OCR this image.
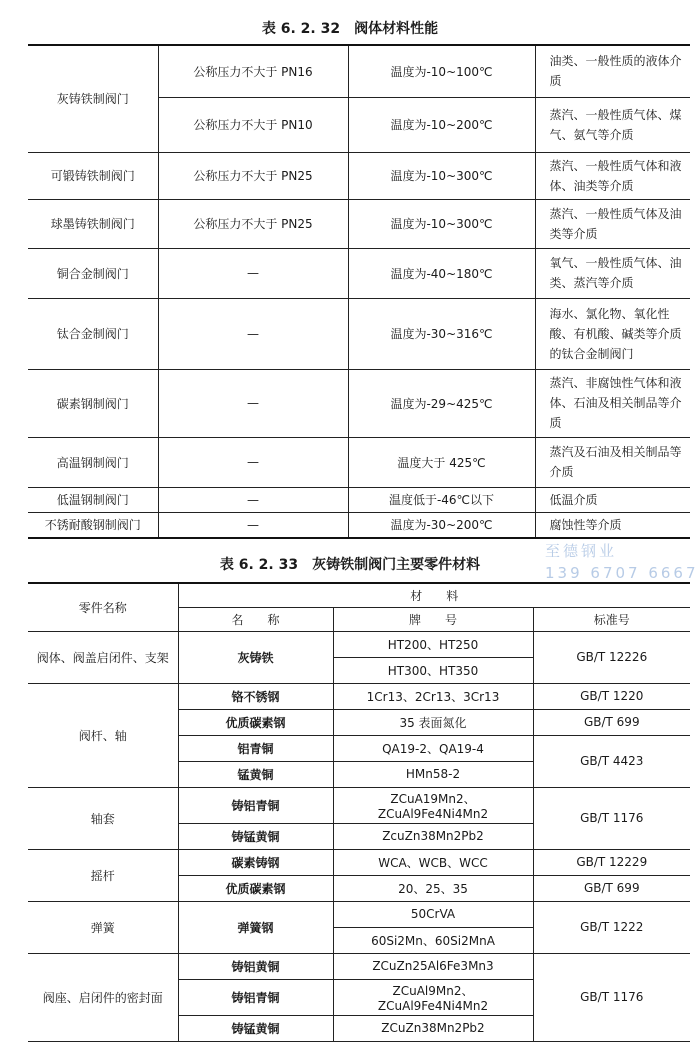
表 6. 2. 32　阀体材料性能
灰铸铁制阀门	公称压力不大于 PN16	温度为-10~100℃	油类、一般性质的液体介质
	公称压力不大于 PN10	温度为-10~200℃	蒸汽、一般性质气体、煤气、氨气等介质
可锻铸铁制阀门	公称压力不大于 PN25	温度为-10~300℃	蒸汽、一般性质气体和液体、油类等介质
球墨铸铁制阀门	公称压力不大于 PN25	温度为-10~300℃	蒸汽、一般性质气体及油类等介质
铜合金制阀门	—	温度为-40~180℃	氧气、一般性质气体、油类、蒸汽等介质
钛合金制阀门	—	温度为-30~316℃	海水、氯化物、氧化性酸、有机酸、碱类等介质的钛合金制阀门
碳素钢制阀门	—	温度为-29~425℃	蒸汽、非腐蚀性气体和液体、石油及相关制品等介质
高温钢制阀门	—	温度大于 425℃	蒸汽及石油及相关制品等介质
低温钢制阀门	—	温度低于-46℃以下	低温介质
不锈耐酸钢制阀门	—	温度为-30~200℃	腐蚀性等介质
至德钢业
139 6707 6667
表 6. 2. 33　灰铸铁制阀门主要零件材料
零件名称	材　　料		
	名　　称	牌　　号	标准号
阀体、阀盖启闭件、支架	灰铸铁	HT200、HT250	GB/T 12226
		HT300、HT350	
阀杆、轴	铬不锈钢	1Cr13、2Cr13、3Cr13	GB/T 1220
	优质碳素钢	35 表面氮化	GB/T 699
	铝青铜	QA19-2、QA19-4	GB/T 4423
	锰黄铜	HMn58-2	
轴套	铸铝青铜	ZCuA19Mn2、ZCuAl9Fe4Ni4Mn2	GB/T 1176
	铸锰黄铜	ZcuZn38Mn2Pb2	
摇杆	碳素铸钢	WCA、WCB、WCC	GB/T 12229
	优质碳素钢	20、25、35	GB/T 699
弹簧	弹簧钢	50CrVA	GB/T 1222
		60Si2Mn、60Si2MnA	
阀座、启闭件的密封面	铸铝黄铜	ZCuZn25Al6Fe3Mn3	GB/T 1176
	铸铝青铜	ZCuAl9Mn2、ZCuAl9Fe4Ni4Mn2	
	铸锰黄铜	ZCuZn38Mn2Pb2	
